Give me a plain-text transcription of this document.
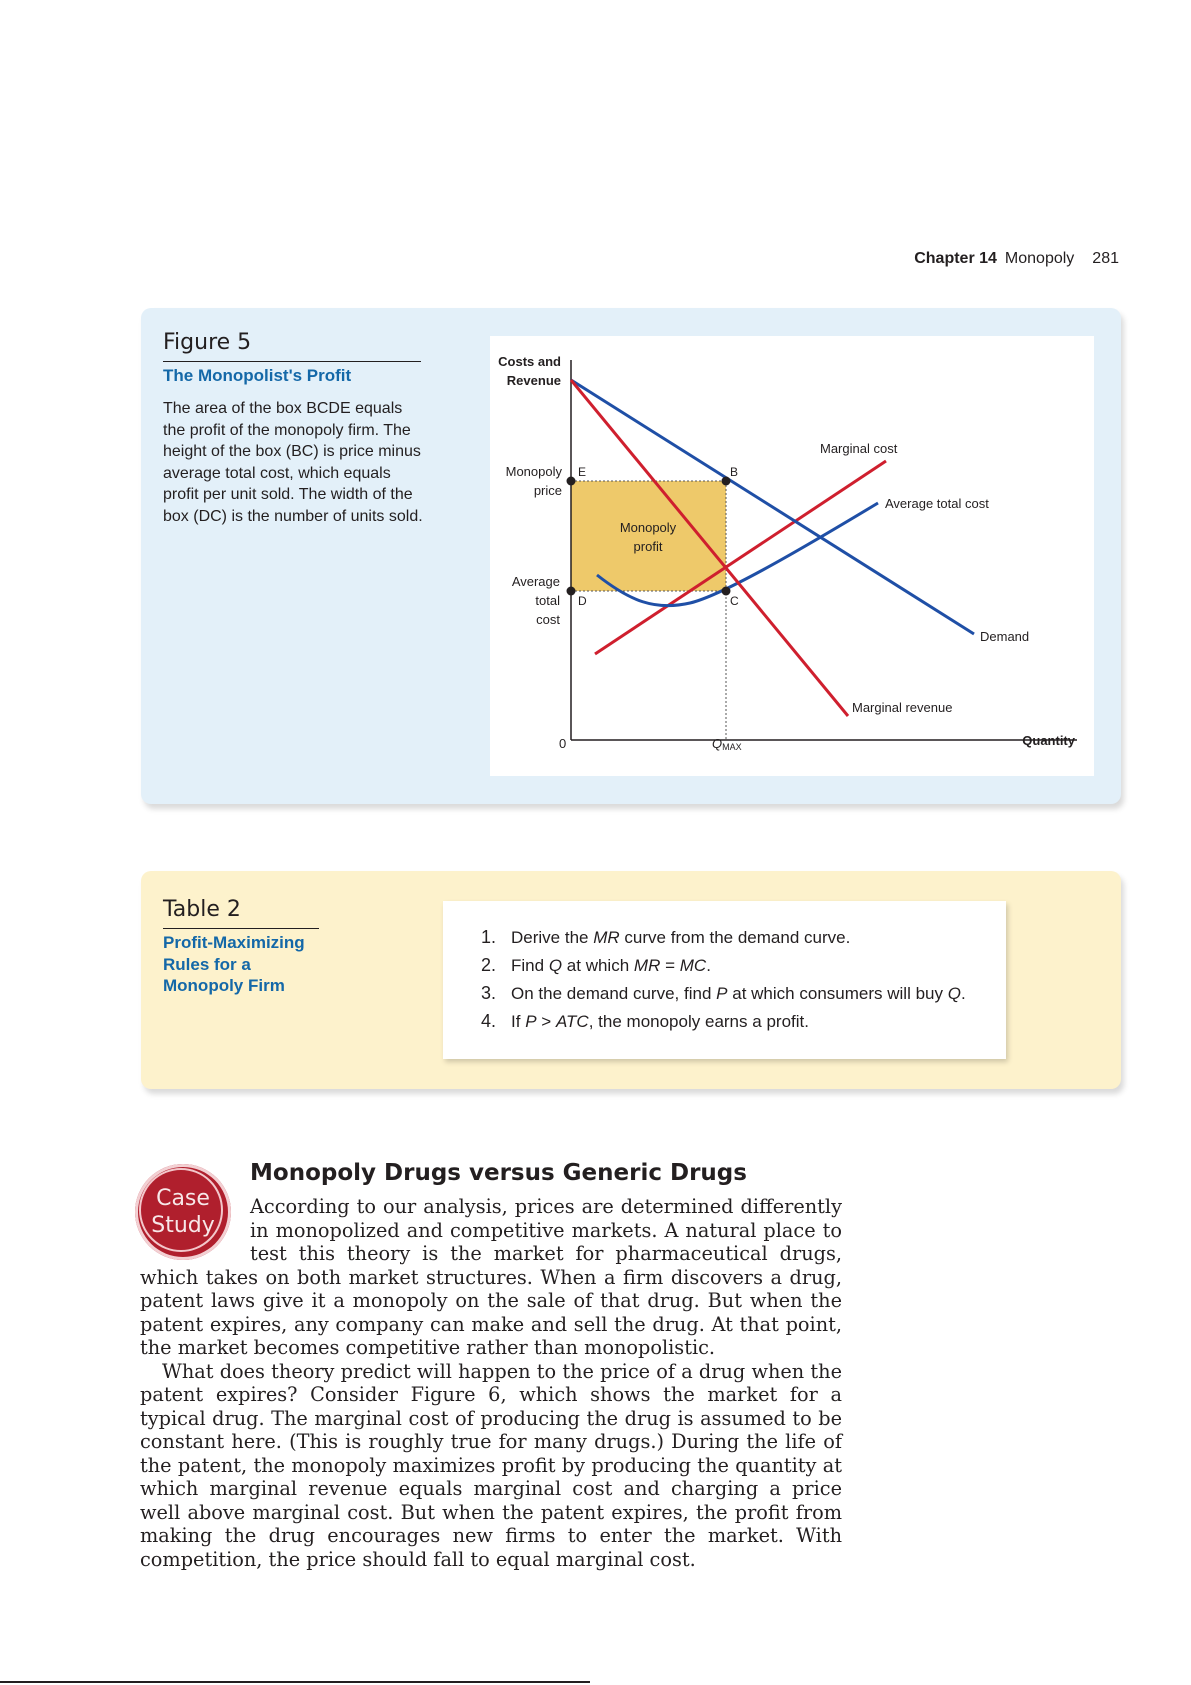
Chapter 14 Monopoly 281
Figure 5
The Monopolist's Profit
The area of the box BCDE equals the profit of the monopoly firm. The height of the box (BC) is price minus average total cost, which equals profit per unit sold. The width of the box (DC) is the number of units sold.
Costs and Revenue
Monopoly
price
Average
total
cost
E	B
D	C
Monopoly
profit
Marginal cost
Average total cost
Demand
Marginal revenue
0	QMAX	Quantity
Table 2
Profit-Maximizing Rules for a Monopoly Firm
1. Derive the MR curve from the demand curve.
2. Find Q at which MR = MC.
3. On the demand curve, find P at which consumers will buy Q.
4. If P > ATC, the monopoly earns a profit.
Case
Study
Monopoly Drugs versus Generic Drugs

According to our analysis, prices are determined differently in monopolized and competitive markets. A natural place to test this theory is the market for pharmaceutical drugs, which takes on both market structures. When a firm discovers a drug, patent laws give it a monopoly on the sale of that drug. But when the patent expires, any company can make and sell the drug. At that point, the market becomes competitive rather than monopolistic.

What does theory predict will happen to the price of a drug when the patent expires? Consider Figure 6, which shows the market for a typical drug. The marginal cost of producing the drug is assumed to be constant here. (This is roughly true for many drugs.) During the life of the patent, the monopoly maximizes profit by producing the quantity at which marginal revenue equals marginal cost and charging a price well above marginal cost. But when the patent expires, the profit from making the drug encourages new firms to enter the market. With competition, the price should fall to equal marginal cost.
